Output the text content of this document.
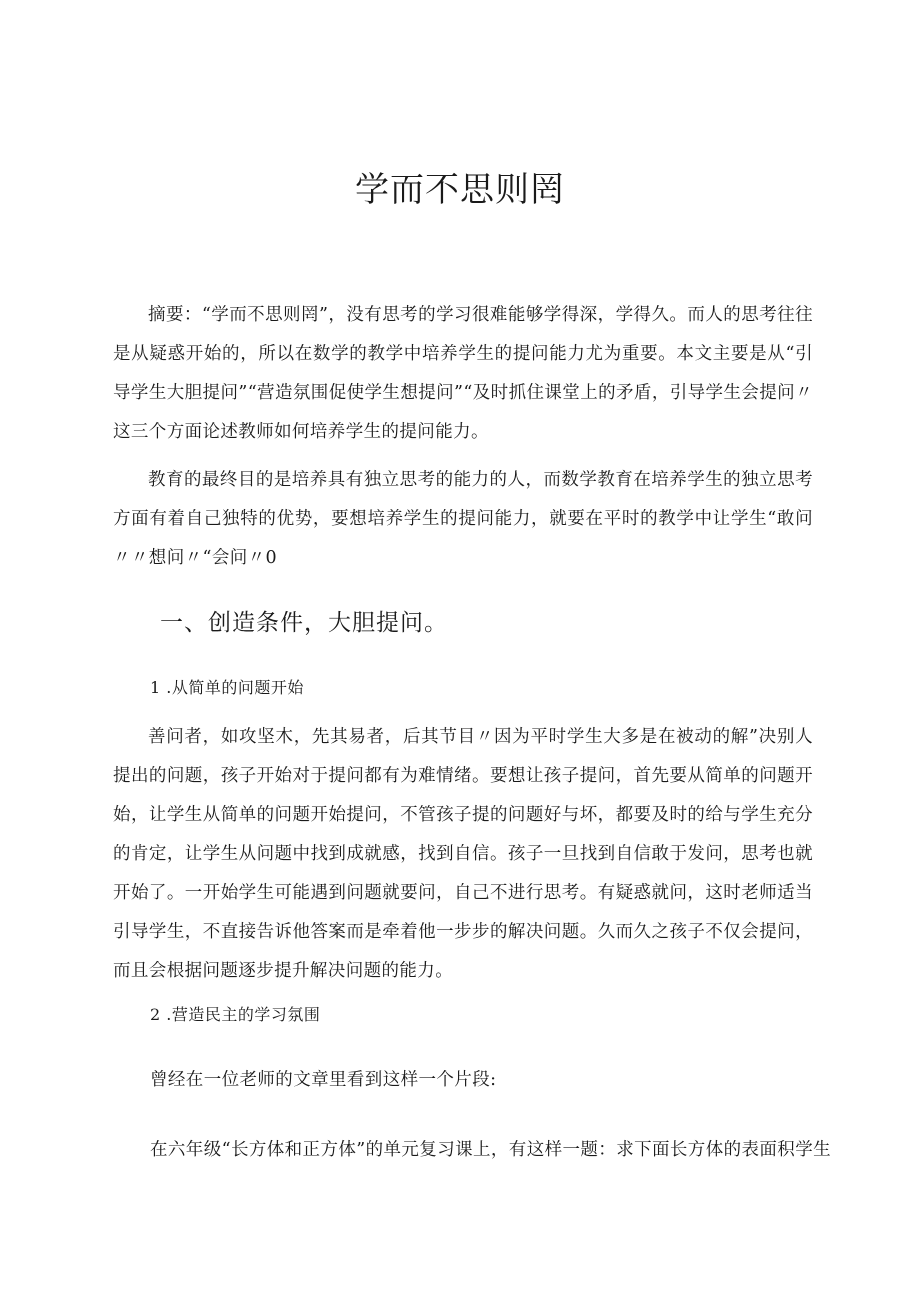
学而不思则罔

摘要：“学而不思则罔”，没有思考的学习很难能够学得深，学得久。而人的思考往往是从疑惑开始的，所以在数学的教学中培养学生的提问能力尤为重要。本文主要是从“引导学生大胆提问”“营造氛围促使学生想提问”“及时抓住课堂上的矛盾，引导学生会提问〃这三个方面论述教师如何培养学生的提问能力。

教育的最终目的是培养具有独立思考的能力的人，而数学教育在培养学生的独立思考方面有着自己独特的优势，要想培养学生的提问能力，就要在平时的教学中让学生“敢问〃〃想问〃“会问〃0

一、创造条件，大胆提问。
1 .从简单的问题开始

善问者，如攻坚木，先其易者，后其节目〃因为平时学生大多是在被动的解”决别人提出的问题，孩子开始对于提问都有为难情绪。要想让孩子提问，首先要从简单的问题开始，让学生从简单的问题开始提问，不管孩子提的问题好与坏，都要及时的给与学生充分的肯定，让学生从问题中找到成就感，找到自信。孩子一旦找到自信敢于发问，思考也就开始了。一开始学生可能遇到问题就要问，自己不进行思考。有疑惑就问，这时老师适当引导学生，不直接告诉他答案而是牵着他一步步的解决问题。久而久之孩子不仅会提问，而且会根据问题逐步提升解决问题的能力。

2 .营造民主的学习氛围
曾经在一位老师的文章里看到这样一个片段:
在六年级“长方体和正方体”的单元复习课上，有这样一题：求下面长方体的表面积学生
